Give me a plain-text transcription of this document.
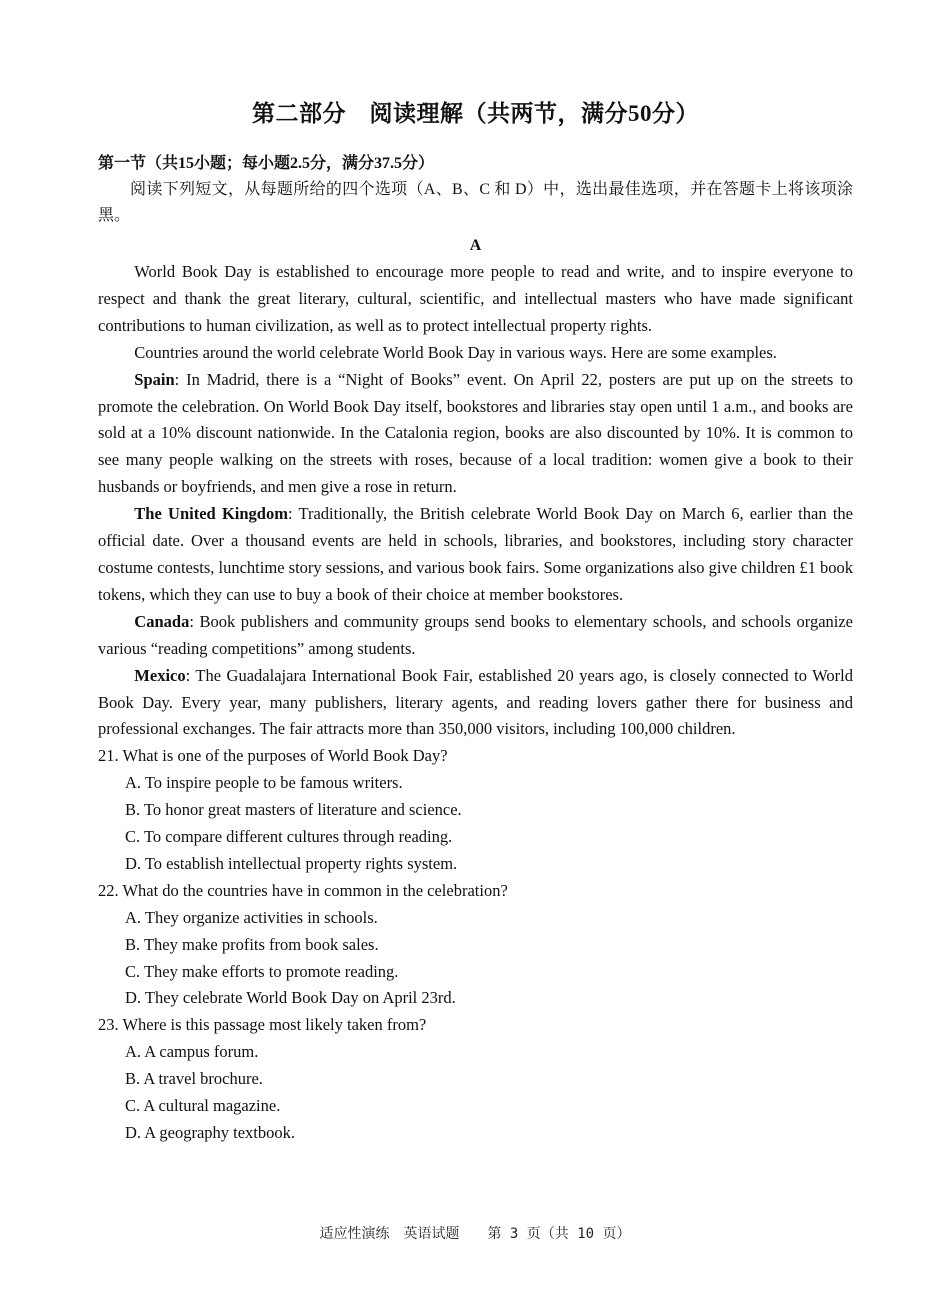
第二部分　阅读理解（共两节，满分50分）

第一节（共15小题；每小题2.5分，满分37.5分）

阅读下列短文，从每题所给的四个选项（A、B、C 和 D）中，选出最佳选项，并在答题卡上将该项涂黑。

A

World Book Day is established to encourage more people to read and write, and to inspire everyone to respect and thank the great literary, cultural, scientific, and intellectual masters who have made significant contributions to human civilization, as well as to protect intellectual property rights.

Countries around the world celebrate World Book Day in various ways. Here are some examples.

Spain: In Madrid, there is a “Night of Books” event. On April 22, posters are put up on the streets to promote the celebration. On World Book Day itself, bookstores and libraries stay open until 1 a.m., and books are sold at a 10% discount nationwide. In the Catalonia region, books are also discounted by 10%. It is common to see many people walking on the streets with roses, because of a local tradition: women give a book to their husbands or boyfriends, and men give a rose in return.

The United Kingdom: Traditionally, the British celebrate World Book Day on March 6, earlier than the official date. Over a thousand events are held in schools, libraries, and bookstores, including story character costume contests, lunchtime story sessions, and various book fairs. Some organizations also give children £1 book tokens, which they can use to buy a book of their choice at member bookstores.

Canada: Book publishers and community groups send books to elementary schools, and schools organize various “reading competitions” among students.

Mexico: The Guadalajara International Book Fair, established 20 years ago, is closely connected to World Book Day. Every year, many publishers, literary agents, and reading lovers gather there for business and professional exchanges. The fair attracts more than 350,000 visitors, including 100,000 children.

21. What is one of the purposes of World Book Day?

A. To inspire people to be famous writers.

B. To honor great masters of literature and science.

C. To compare different cultures through reading.

D. To establish intellectual property rights system.

22. What do the countries have in common in the celebration?

A. They organize activities in schools.

B. They make profits from book sales.

C. They make efforts to promote reading.

D. They celebrate World Book Day on April 23rd.

23. Where is this passage most likely taken from?

A. A campus forum.

B. A travel brochure.

C. A cultural magazine.

D. A geography textbook.

适应性演练　英语试题 第 3 页（共 10 页）
